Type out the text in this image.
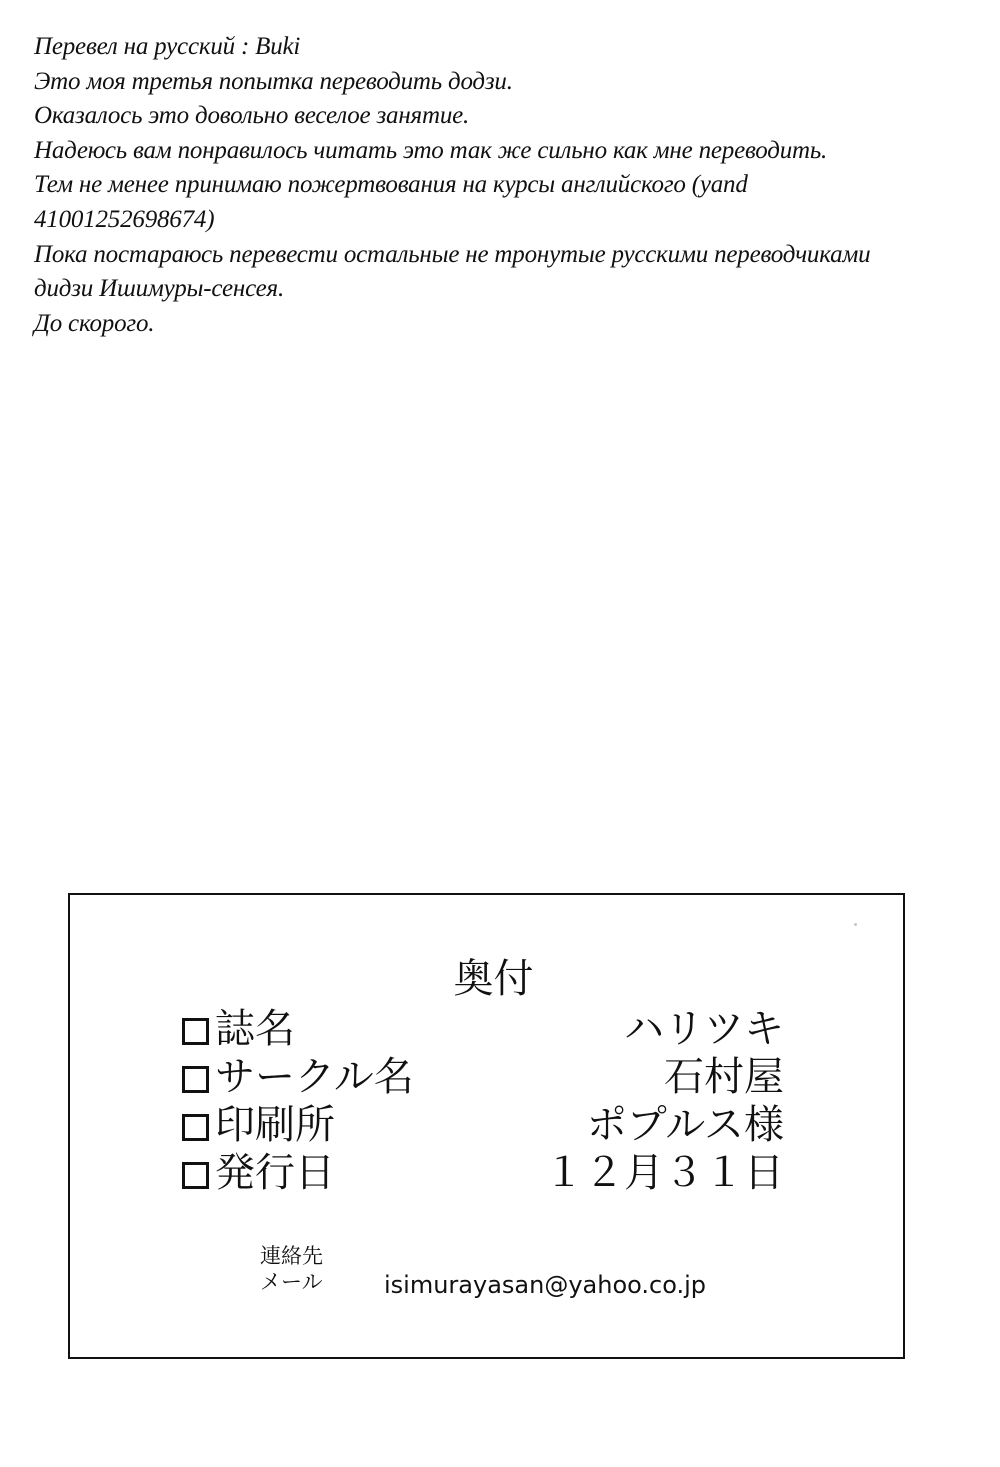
Перевел на русский : Buki
Это моя третья попытка переводить додзи.
Оказалось это довольно веселое занятие.
Надеюсь вам понравилось читать это так же сильно как мне переводить.
Тем не менее принимаю пожертвования на курсы английского (yand
41001252698674)
Пока постараюсь перевести остальные не тронутые русскими переводчиками
дидзи Ишимуры-сенсея.
До скорого.
奥付
誌名	ハリツキ
サークル名	石村屋
印刷所	ポプルス様
発行日	１２月３１日
連絡先
メール	isimurayasan@yahoo.co.jp
